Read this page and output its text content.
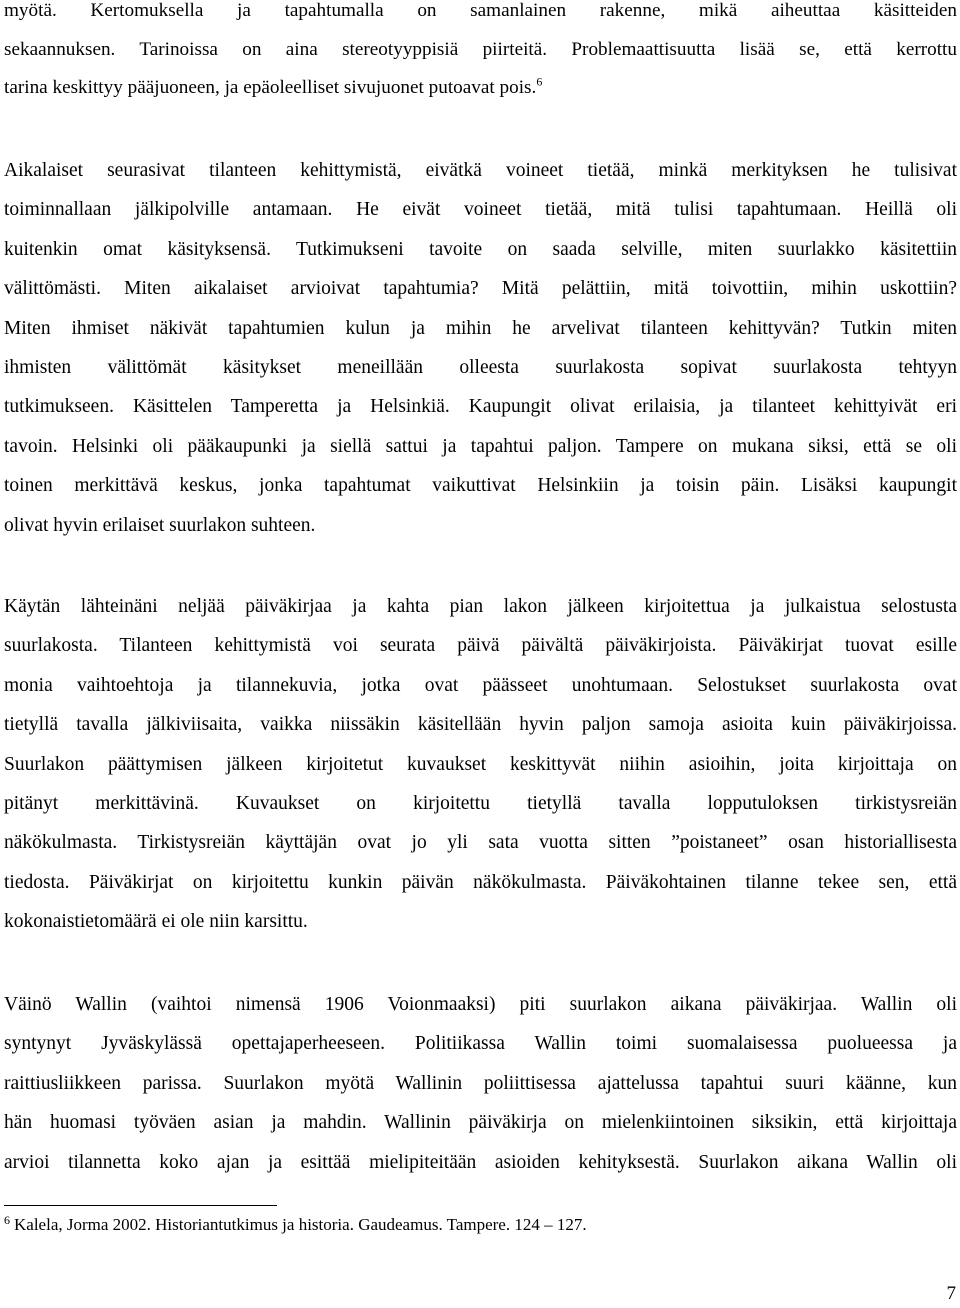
myötä. Kertomuksella ja tapahtumalla on samanlainen rakenne, mikä aiheuttaa käsitteiden
sekaannuksen. Tarinoissa on aina stereotyyppisiä piirteitä. Problemaattisuutta lisää se, että kerrottu
tarina keskittyy pääjuoneen, ja epäoleelliset sivujuonet putoavat pois.$^6$

Aikalaiset seurasivat tilanteen kehittymistä, eivätkä voineet tietää, minkä merkityksen he tulisivat
toiminnallaan jälkipolville antamaan. He eivät voineet tietää, mitä tulisi tapahtumaan. Heillä oli
kuitenkin omat käsityksensä. Tutkimukseni tavoite on saada selville, miten suurlakko käsitettiin
välittömästi. Miten aikalaiset arvioivat tapahtumia? Mitä pelättiin, mitä toivottiin, mihin uskottiin?
Miten ihmiset näkivät tapahtumien kulun ja mihin he arvelivat tilanteen kehittyvän? Tutkin miten
ihmisten välittömät käsitykset meneillään olleesta suurlakosta sopivat suurlakosta tehtyyn
tutkimukseen. Käsittelen Tamperetta ja Helsinkiä. Kaupungit olivat erilaisia, ja tilanteet kehittyivät eri
tavoin. Helsinki oli pääkaupunki ja siellä sattui ja tapahtui paljon. Tampere on mukana siksi, että se oli
toinen merkittävä keskus, jonka tapahtumat vaikuttivat Helsinkiin ja toisin päin. Lisäksi kaupungit
olivat hyvin erilaiset suurlakon suhteen.

Käytän lähteinäni neljää päiväkirjaa ja kahta pian lakon jälkeen kirjoitettua ja julkaistua selostusta
suurlakosta. Tilanteen kehittymistä voi seurata päivä päivältä päiväkirjoista. Päiväkirjat tuovat esille
monia vaihtoehtoja ja tilannekuvia, jotka ovat päässeet unohtumaan. Selostukset suurlakosta ovat
tietyllä tavalla jälkiviisaita, vaikka niissäkin käsitellään hyvin paljon samoja asioita kuin päiväkirjoissa.
Suurlakon päättymisen jälkeen kirjoitetut kuvaukset keskittyvät niihin asioihin, joita kirjoittaja on
pitänyt merkittävinä. Kuvaukset on kirjoitettu tietyllä tavalla lopputuloksen tirkistysreiän
näkökulmasta. Tirkistysreiän käyttäjän ovat jo yli sata vuotta sitten ”poistaneet” osan historiallisesta
tiedosta. Päiväkirjat on kirjoitettu kunkin päivän näkökulmasta. Päiväkohtainen tilanne tekee sen, että
kokonaistietomäärä ei ole niin karsittu.

Väinö Wallin (vaihtoi nimensä 1906 Voionmaaksi) piti suurlakon aikana päiväkirjaa. Wallin oli
syntynyt Jyväskylässä opettajaperheeseen. Politiikassa Wallin toimi suomalaisessa puolueessa ja
raittiusliikkeen parissa. Suurlakon myötä Wallinin poliittisessa ajattelussa tapahtui suuri käänne, kun
hän huomasi työväen asian ja mahdin. Wallinin päiväkirja on mielenkiintoinen siksikin, että kirjoittaja
arvioi tilannetta koko ajan ja esittää mielipiteitään asioiden kehityksestä. Suurlakon aikana Wallin oli

$^6$ Kalela, Jorma 2002. Historiantutkimus ja historia. Gaudeamus. Tampere. 124 – 127.

7
